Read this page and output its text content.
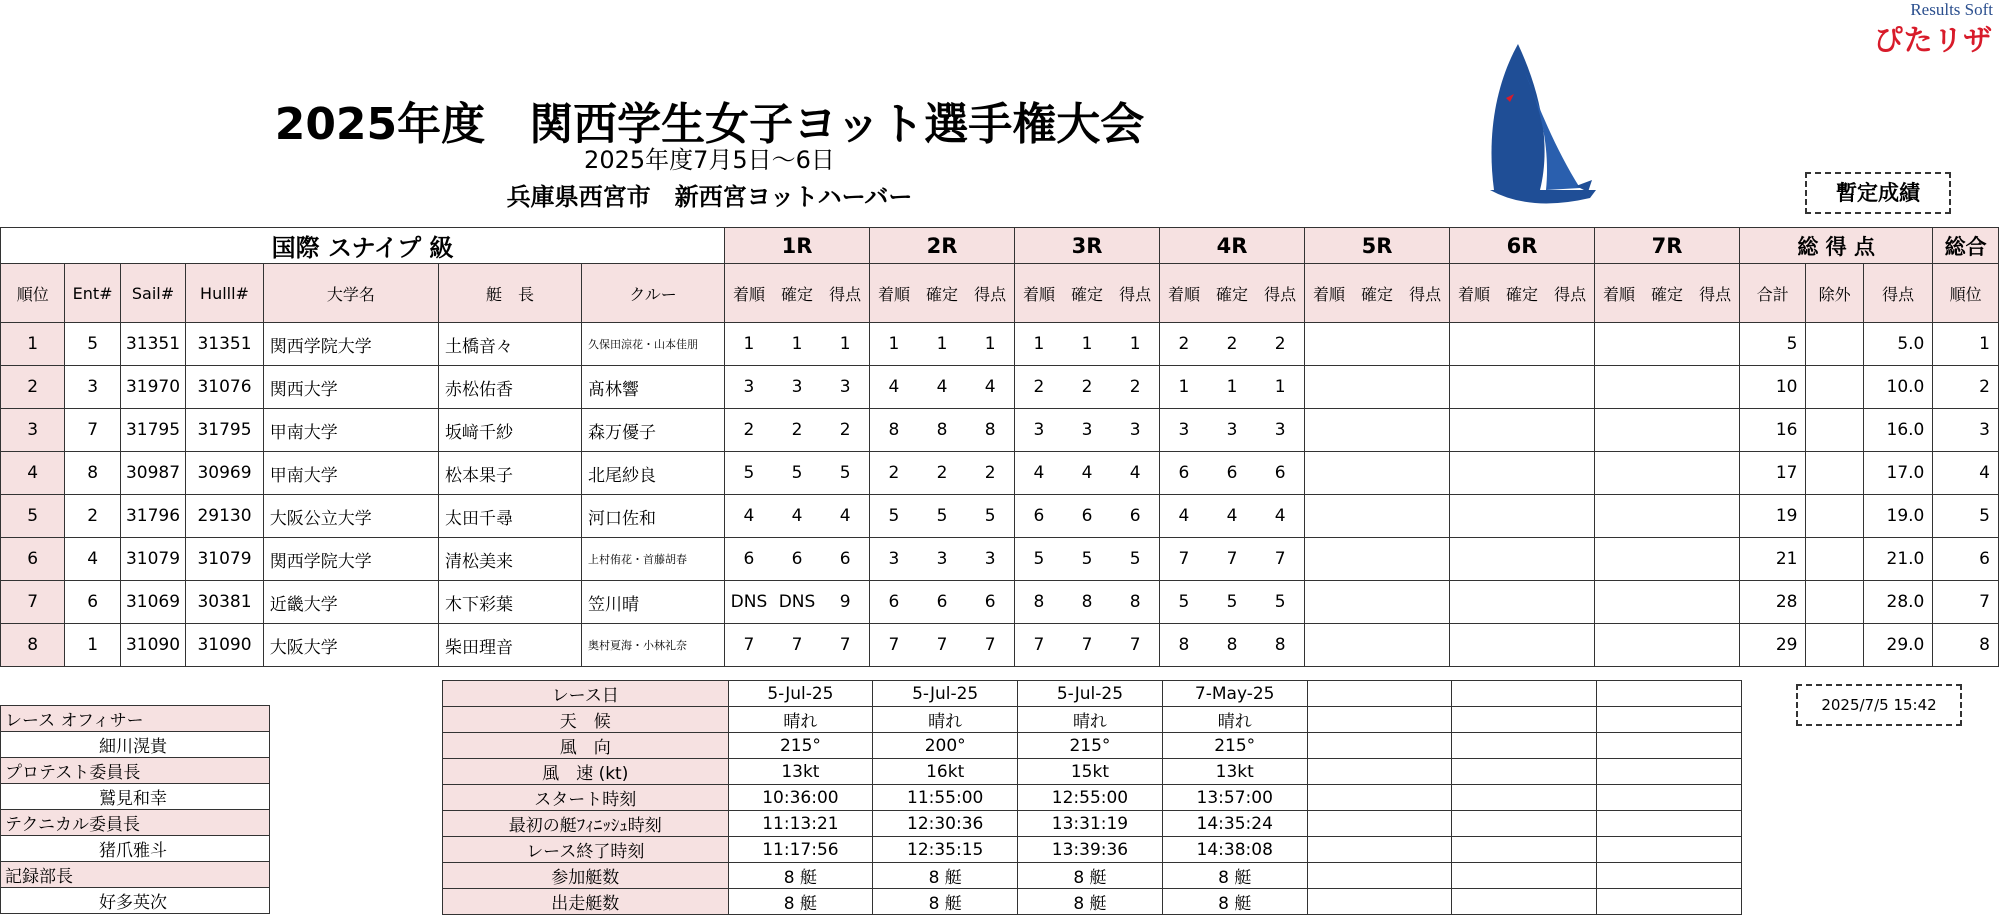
Results Soft
ぴたリザ
2025年度　関西学生女子ヨット選手権大会
2025年度7月5日～6日
兵庫県西宮市　新西宮ヨットハーバー	暫定成績
国際 スナイプ 級							1R			2R			3R			4R			5R			6R			7R			総 得 点			総合
順位	Ent#	Sail#	Hulll#	大学名	艇　長	クルー	着順	確定	得点	着順	確定	得点	着順	確定	得点	着順	確定	得点	着順	確定	得点	着順	確定	得点	着順	確定	得点	合計	除外	得点	順位
1	5	31351	31351	関西学院大学	土橋音々	久保田涼花・山本佳朋	1	1	1	1	1	1	1	1	1	2	2	2										5		5.0	1
2	3	31970	31076	関西大学	赤松佑香	髙林響	3	3	3	4	4	4	2	2	2	1	1	1										10		10.0	2
3	7	31795	31795	甲南大学	坂﨑千紗	森万優子	2	2	2	8	8	8	3	3	3	3	3	3										16		16.0	3
4	8	30987	30969	甲南大学	松本果子	北尾紗良	5	5	5	2	2	2	4	4	4	6	6	6										17		17.0	4
5	2	31796	29130	大阪公立大学	太田千尋	河口佐和	4	4	4	5	5	5	6	6	6	4	4	4										19		19.0	5
6	4	31079	31079	関西学院大学	清松美来	上村侑花・首藤胡春	6	6	6	3	3	3	5	5	5	7	7	7										21		21.0	6
7	6	31069	30381	近畿大学	木下彩葉	笠川晴	DNS	DNS	9	6	6	6	8	8	8	5	5	5										28		28.0	7
8	1	31090	31090	大阪大学	柴田理音	奥村夏海・小林礼奈	7	7	7	7	7	7	7	7	7	8	8	8										29		29.0	8
2025/7/5 15:42
レース オフィサー
細川滉貴
プロテスト委員長
鷲見和幸
テクニカル委員長
猪爪雅斗
記録部長
好多英次
レース日	5-Jul-25	5-Jul-25	5-Jul-25	7-May-25			
天　候	晴れ	晴れ	晴れ	晴れ			
風　向	215°	200°	215°	215°			
風　速 (kt)	13kt	16kt	15kt	13kt			
スタート時刻	10:36:00	11:55:00	12:55:00	13:57:00			
最初の艇ﾌｨﾆｯｼｭ時刻	11:13:21	12:30:36	13:31:19	14:35:24			
レース終了時刻	11:17:56	12:35:15	13:39:36	14:38:08			
参加艇数	8 艇	8 艇	8 艇	8 艇			
出走艇数	8 艇	8 艇	8 艇	8 艇			
